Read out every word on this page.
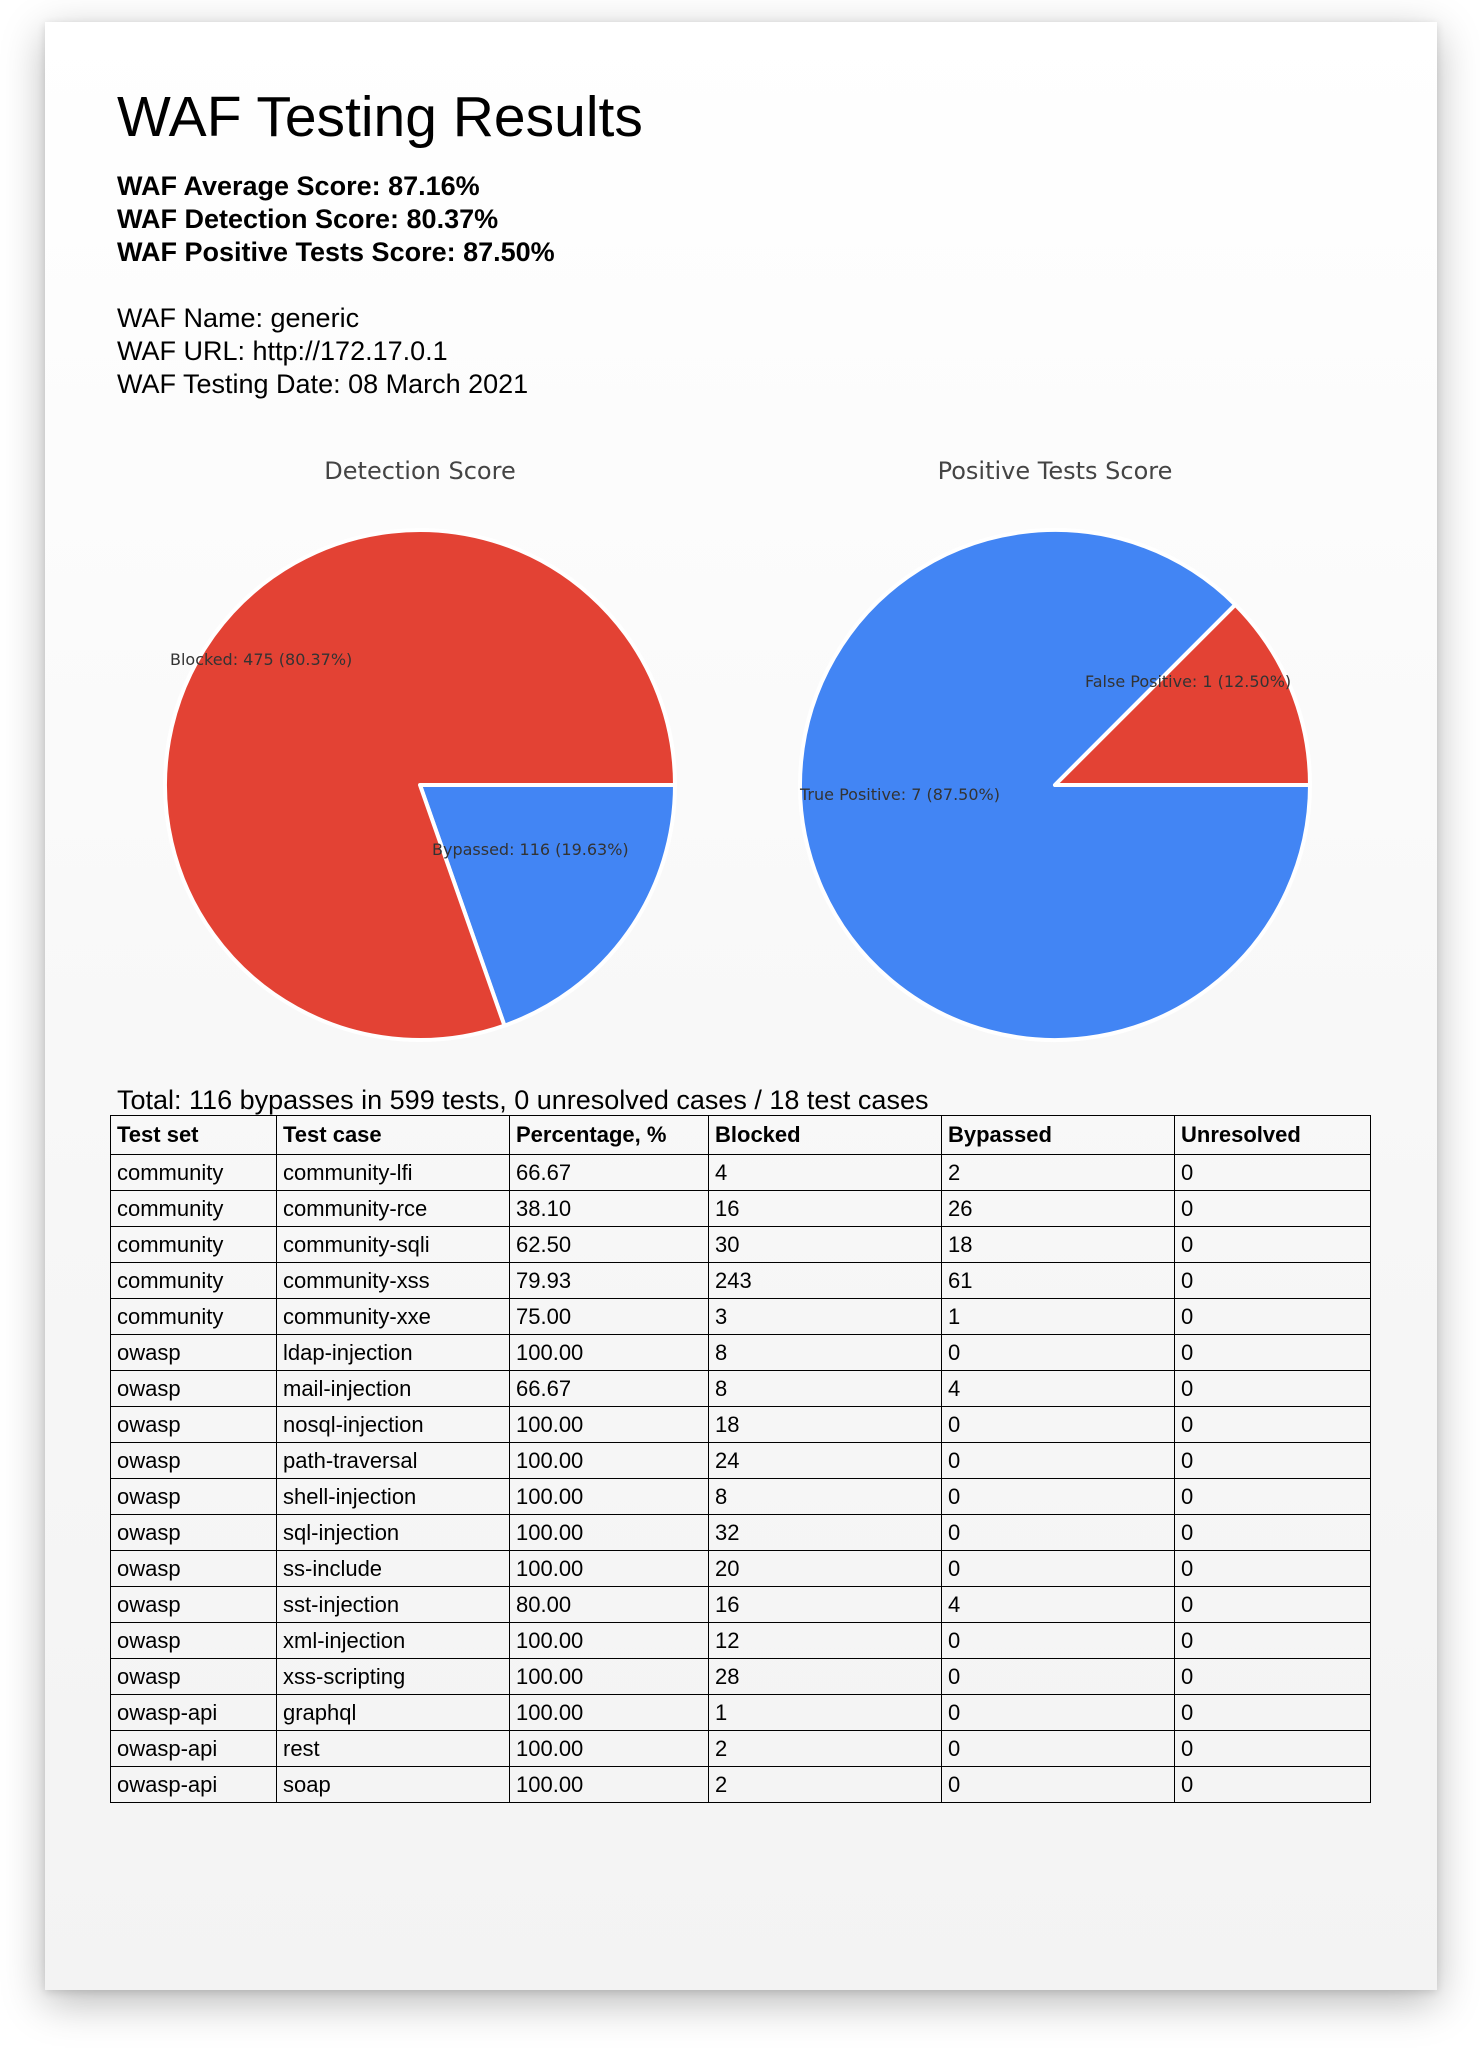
WAF Testing Results
WAF Average Score: 87.16%
WAF Detection Score: 80.37%
WAF Positive Tests Score: 87.50%
WAF Name: generic
WAF URL: http://172.17.0.1
WAF Testing Date: 08 March 2021
Detection Score
Bypassed: 116 (19.63%)
Blocked: 475 (80.37%)
Positive Tests Score
True Positive: 7 (87.50%)
False Positive: 1 (12.50%)
Total: 116 bypasses in 599 tests, 0 unresolved cases / 18 test cases
Test set	Test case	Percentage, %	Blocked	Bypassed	Unresolved
community	community-lfi	66.67	4	2	0
community	community-rce	38.10	16	26	0
community	community-sqli	62.50	30	18	0
community	community-xss	79.93	243	61	0
community	community-xxe	75.00	3	1	0
owasp	ldap-injection	100.00	8	0	0
owasp	mail-injection	66.67	8	4	0
owasp	nosql-injection	100.00	18	0	0
owasp	path-traversal	100.00	24	0	0
owasp	shell-injection	100.00	8	0	0
owasp	sql-injection	100.00	32	0	0
owasp	ss-include	100.00	20	0	0
owasp	sst-injection	80.00	16	4	0
owasp	xml-injection	100.00	12	0	0
owasp	xss-scripting	100.00	28	0	0
owasp-api	graphql	100.00	1	0	0
owasp-api	rest	100.00	2	0	0
owasp-api	soap	100.00	2	0	0
